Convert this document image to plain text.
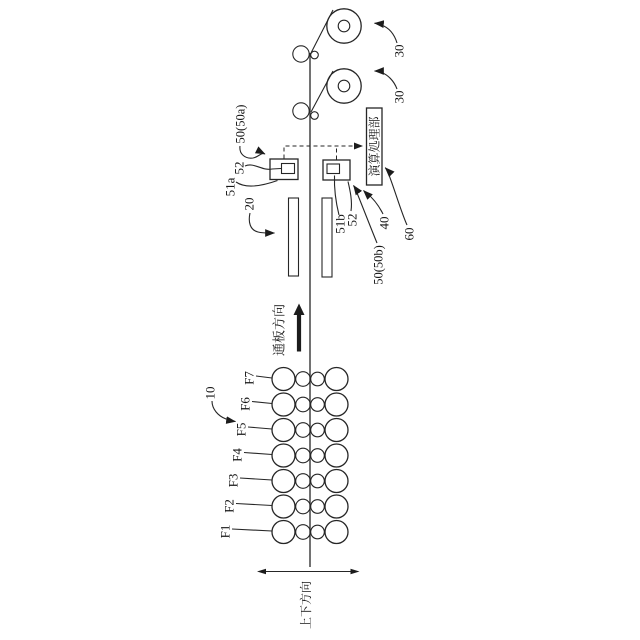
演算処理部
通板方向
F7
F6
F5
F4
F3
F2
F1
上下方向
50(50a)
52
51a
20
51b
52 40
50(50b)
60
30
30
10
